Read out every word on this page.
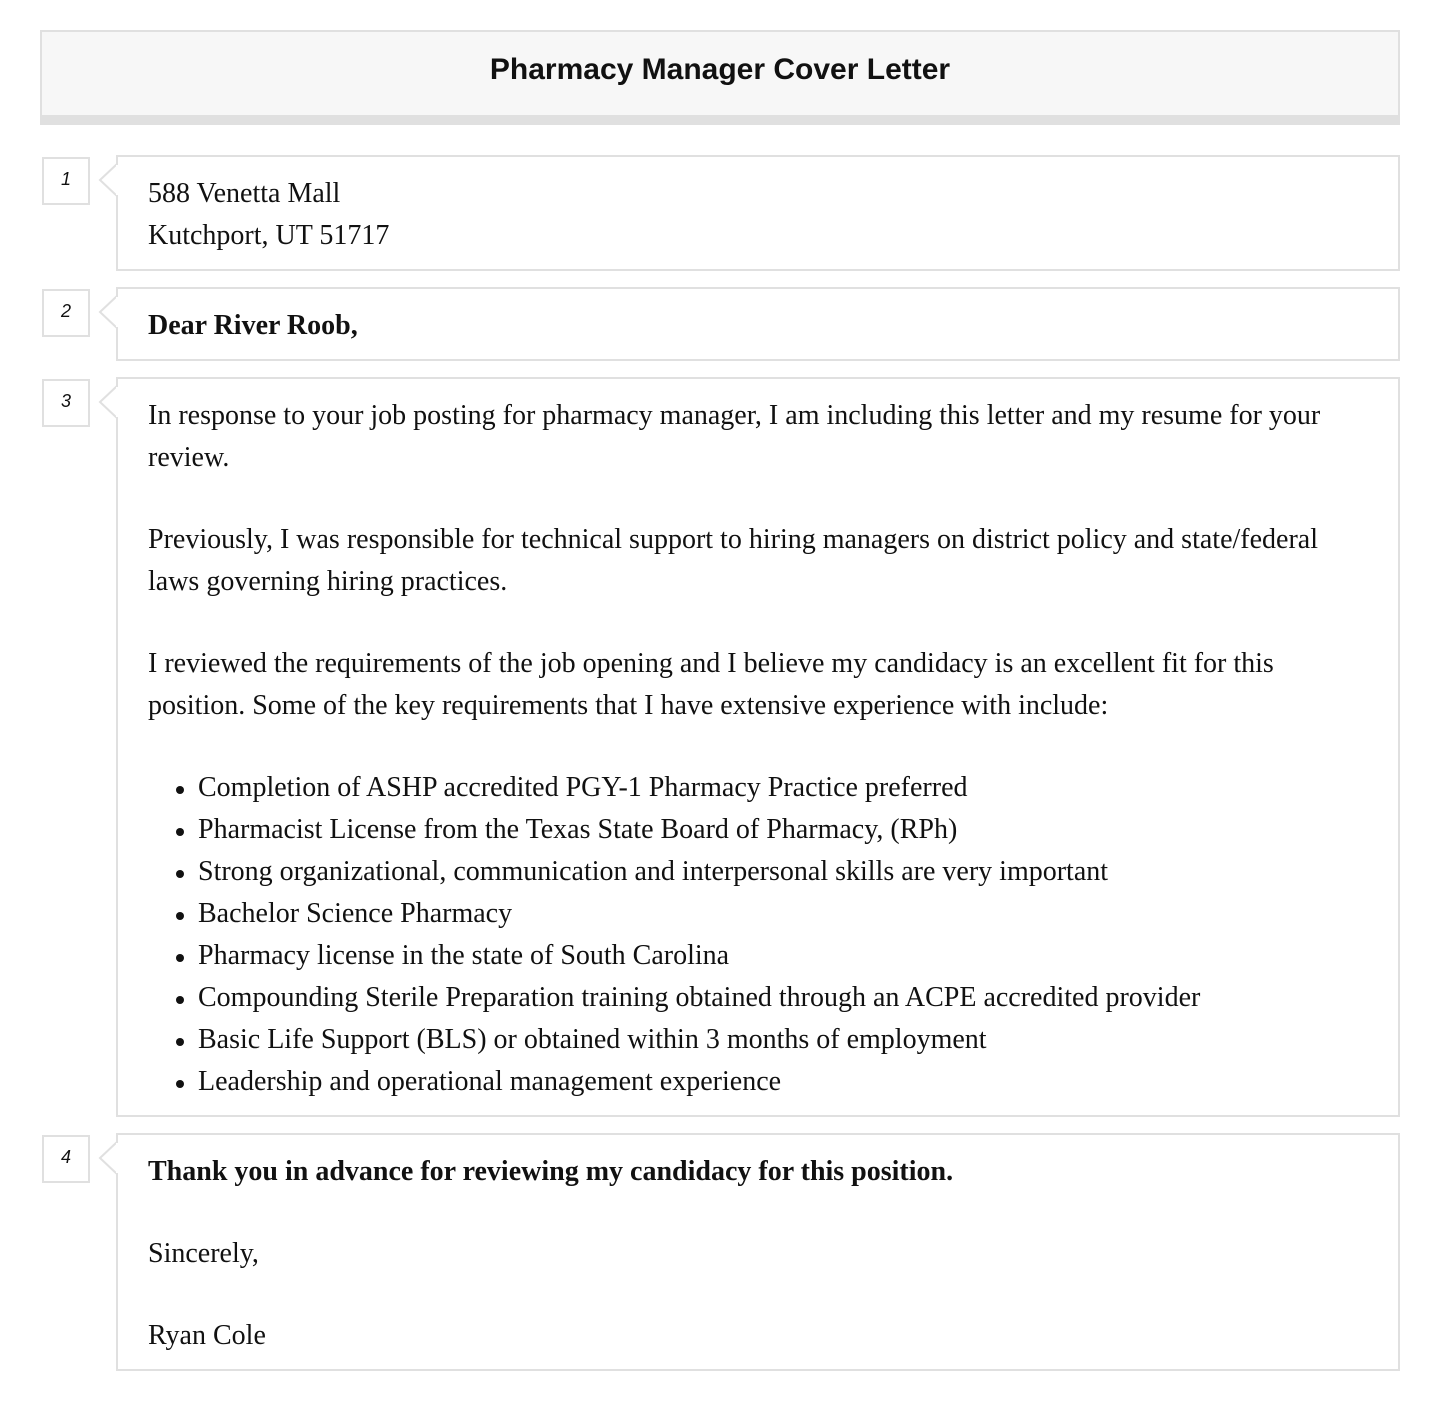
Pharmacy Manager Cover Letter
1	588 Venetta Mall

Kutchport, UT 51717

2	Dear River Roob,

3	In response to your job posting for pharmacy manager, I am including this letter and my resume for your review.

Previously, I was responsible for technical support to hiring managers on district policy and state/federal laws governing hiring practices.

I reviewed the requirements of the job opening and I believe my candidacy is an excellent fit for this position. Some of the key requirements that I have extensive experience with include:

Completion of ASHP accredited PGY-1 Pharmacy Practice preferred
Pharmacist License from the Texas State Board of Pharmacy, (RPh)
Strong organizational, communication and interpersonal skills are very important
Bachelor Science Pharmacy
Pharmacy license in the state of South Carolina
Compounding Sterile Preparation training obtained through an ACPE accredited provider
Basic Life Support (BLS) or obtained within 3 months of employment
Leadership and operational management experience
4	Thank you in advance for reviewing my candidacy for this position.

Sincerely,

Ryan Cole
